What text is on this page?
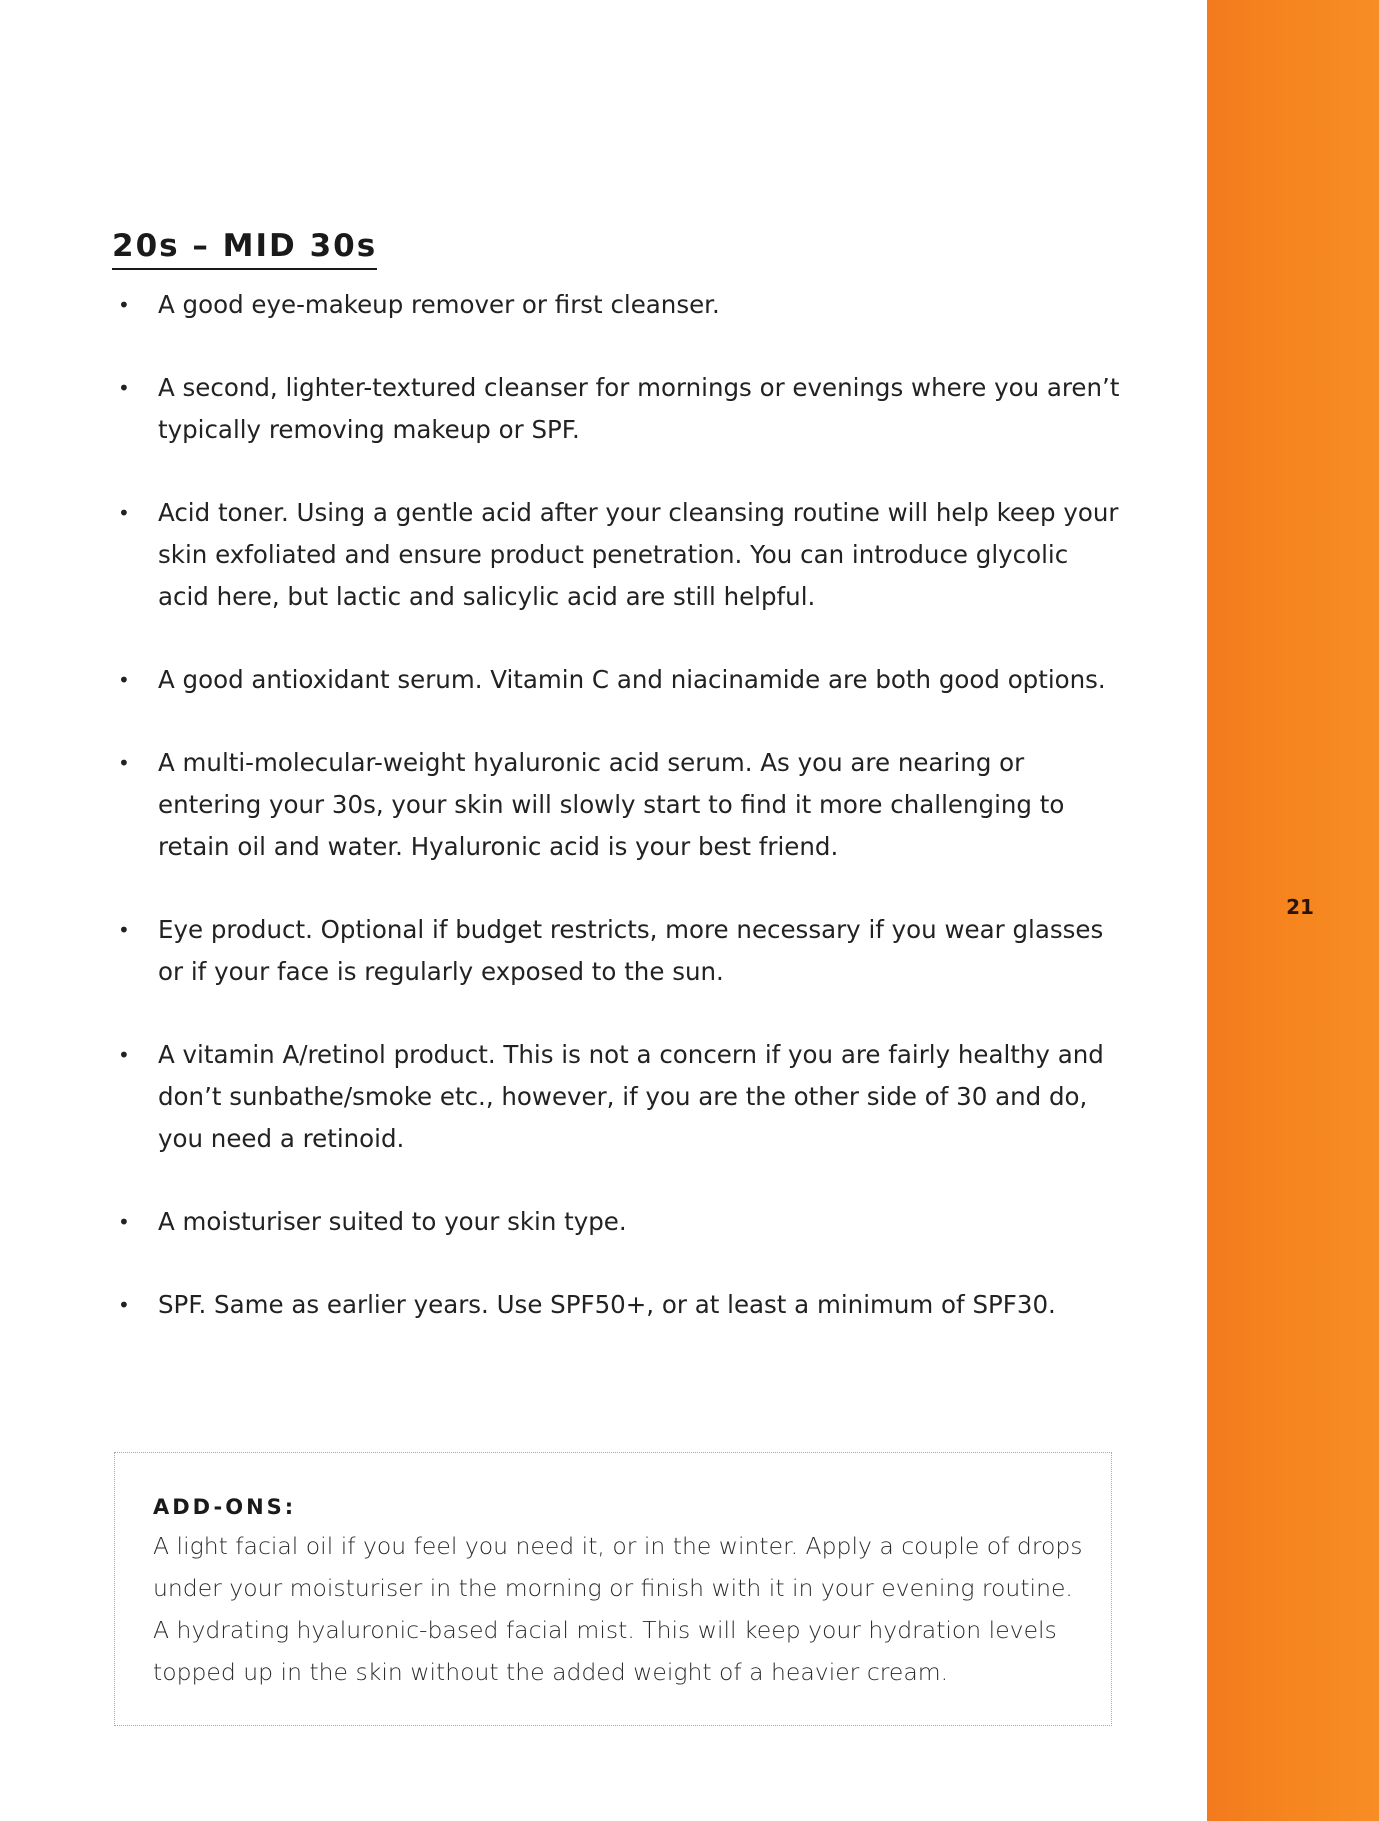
21
20s – MID 30s
• A good eye-makeup remover or first cleanser.
• A second, lighter-textured cleanser for mornings or evenings where you aren’t typically removing makeup or SPF.
• Acid toner. Using a gentle acid after your cleansing routine will help keep your skin exfoliated and ensure product penetration. You can introduce glycolic acid here, but lactic and salicylic acid are still helpful.
• A good antioxidant serum. Vitamin C and niacinamide are both good options.
• A multi-molecular-weight hyaluronic acid serum. As you are nearing or entering your 30s, your skin will slowly start to find it more challenging to retain oil and water. Hyaluronic acid is your best friend.
• Eye product. Optional if budget restricts, more necessary if you wear glasses or if your face is regularly exposed to the sun.
• A vitamin A/retinol product. This is not a concern if you are fairly healthy and don’t sunbathe/smoke etc., however, if you are the other side of 30 and do, you need a retinoid.
• A moisturiser suited to your skin type.
• SPF. Same as earlier years. Use SPF50+, or at least a minimum of SPF30.
ADD-ONS:
A light facial oil if you feel you need it, or in the winter. Apply a couple of drops
under your moisturiser in the morning or finish with it in your evening routine.
A hydrating hyaluronic-based facial mist. This will keep your hydration levels
topped up in the skin without the added weight of a heavier cream.
